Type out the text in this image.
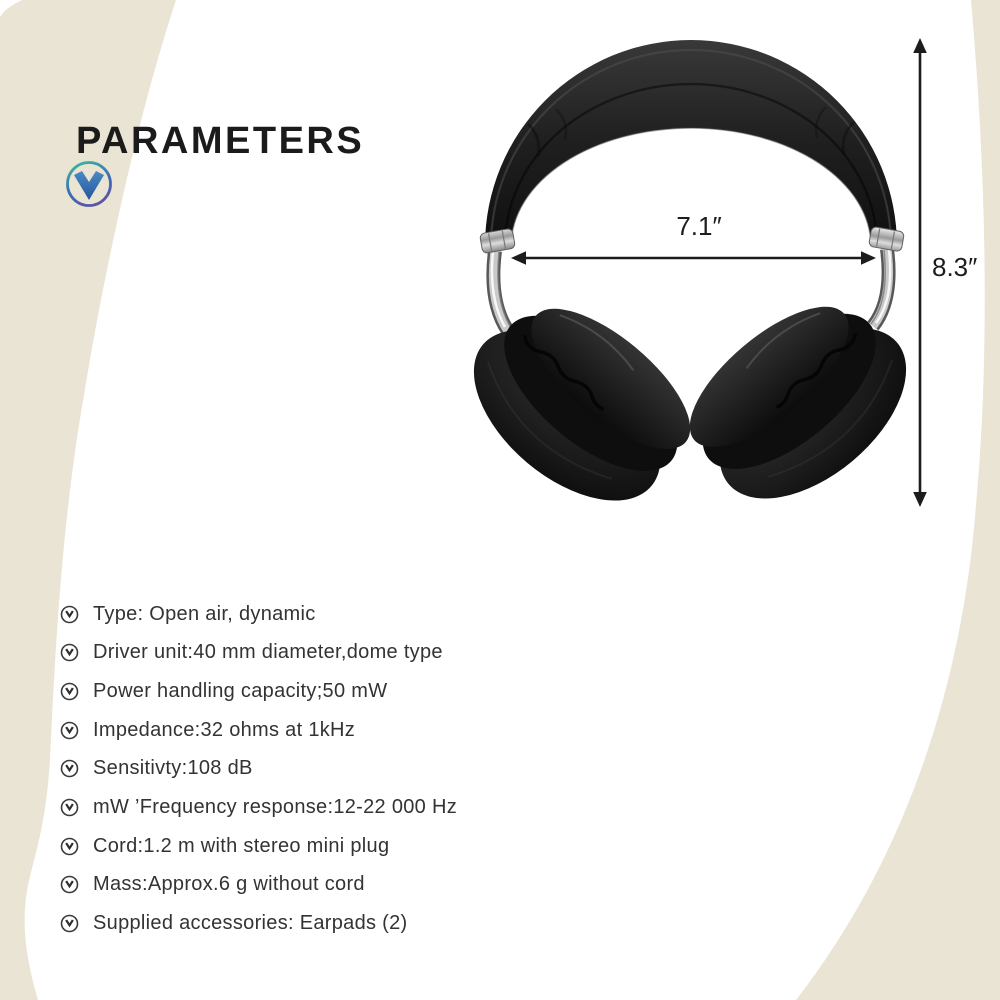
PARAMETERS
7.1″
8.3″
Type: Open air, dynamic
Driver unit:40 mm diameter,dome type
Power handling capacity;50 mW
Impedance:32 ohms at 1kHz
Sensitivty:108 dB
mW ’Frequency response:12-22 000 Hz
Cord:1.2 m with stereo mini plug
Mass:Approx.6 g without cord
Supplied accessories: Earpads (2)
